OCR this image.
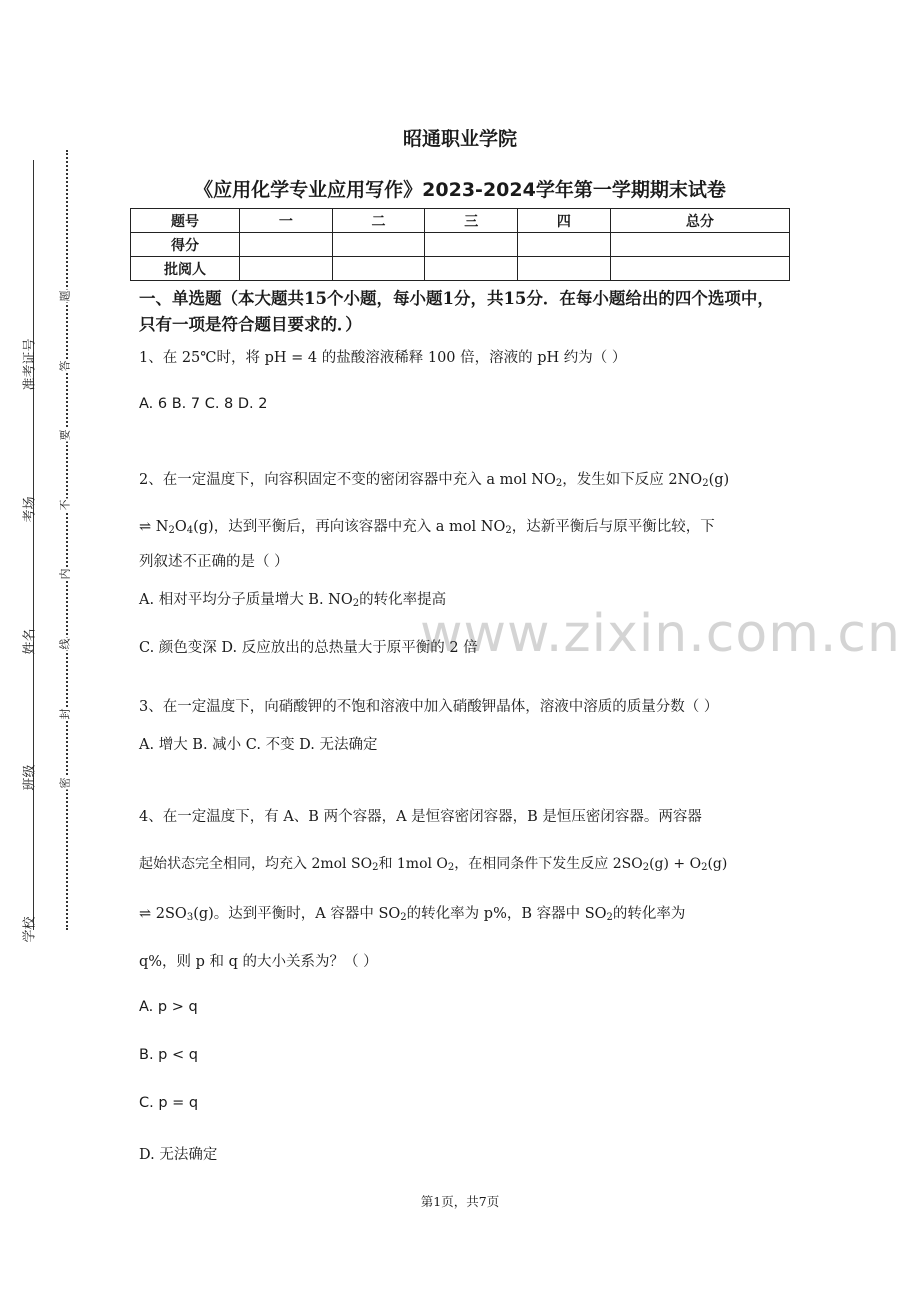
准考证号
考场
姓名
班级
学校
题
答
要
不
内
线
封
密
昭通职业学院
《应用化学专业应用写作》2023-2024学年第一学期期末试卷
题号	一	二	三	四	总分
得分					
批阅人					
一、单选题（本大题共15个小题，每小题1分，共15分．在每小题给出的四个选项中，只有一项是符合题目要求的．）
www.zixin.com.cn
1、在 25℃时，将 pH = 4 的盐酸溶液稀释 100 倍，溶液的 pH 约为（ ）
A. 6 B. 7 C. 8 D. 2
2、在一定温度下，向容积固定不变的密闭容器中充入 a mol $NO_2$，发生如下反应 $2NO_2(g)$
⇌ $N_2O_4(g)$，达到平衡后，再向该容器中充入 a mol $NO_2$，达新平衡后与原平衡比较，下
列叙述不正确的是（ ）
A. 相对平均分子质量增大 B. $NO_2$的转化率提高
C. 颜色变深 D. 反应放出的总热量大于原平衡的 2 倍
3、在一定温度下，向硝酸钾的不饱和溶液中加入硝酸钾晶体，溶液中溶质的质量分数（ ）
A. 增大 B. 减小 C. 不变 D. 无法确定
4、在一定温度下，有 A、B 两个容器，A 是恒容密闭容器，B 是恒压密闭容器。两容器
起始状态完全相同，均充入 2mol $SO_2$和 1mol $O_2$，在相同条件下发生反应 $2SO_2(g) + O_2(g)$
⇌ $2SO_3(g)$。达到平衡时，A 容器中 $SO_2$的转化率为 p%，B 容器中 $SO_2$的转化率为
q%，则 p 和 q 的大小关系为？（ ）
A. p > q
B. p < q
C. p = q
D. 无法确定
第1页，共7页
